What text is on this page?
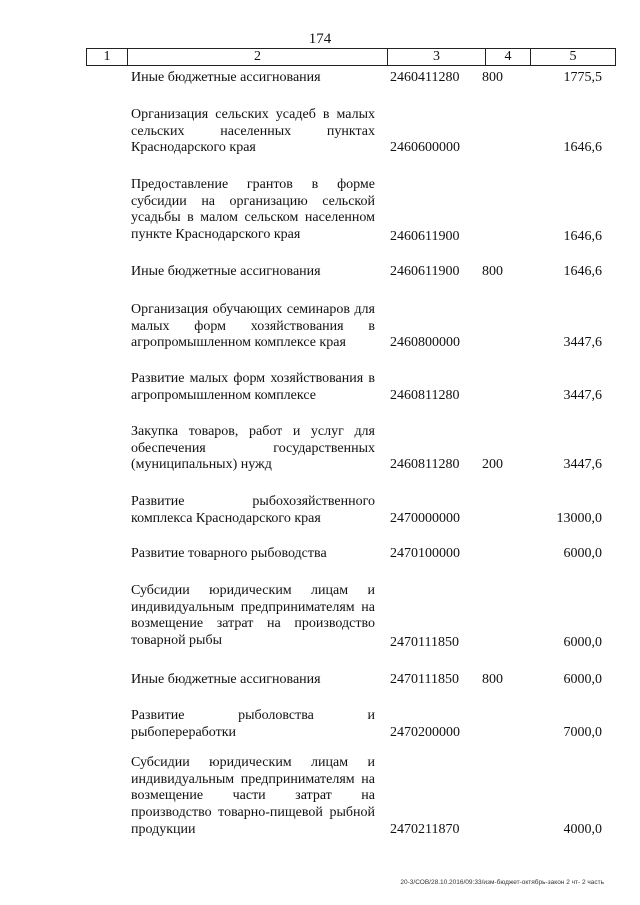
174
1	2	3	4	5
Иные бюджетные ассигнования	2460411280 800	1775,5
Организация сельских усадеб в малых сельских населенных пунктах Краснодарского края	2460600000	1646,6
Предоставление грантов в форме субсидии на организацию сельской усадьбы в малом сельском населенном пункте Краснодарского края	2460611900	1646,6
Иные бюджетные ассигнования	2460611900 800	1646,6
Организация обучающих семинаров для малых форм хозяйствования в агропромышленном комплексе края	2460800000	3447,6
Развитие малых форм хозяйствования в агропромышленном комплексе	2460811280	3447,6
Закупка товаров, работ и услуг для обеспечения государственных (муниципальных) нужд	2460811280 200	3447,6
Развитие рыбохозяйственного комплекса Краснодарского края	2470000000	13000,0
Развитие товарного рыбоводства	2470100000	6000,0
Субсидии юридическим лицам и индивидуальным предпринимателям на возмещение затрат на производство товарной рыбы	2470111850	6000,0
Иные бюджетные ассигнования	2470111850 800	6000,0
Развитие рыболовства и рыбопереработки	2470200000	7000,0
Субсидии юридическим лицам и индивидуальным предпринимателям на возмещение части затрат на производство товарно-пищевой рыбной продукции	2470211870	4000,0
20-3/СОВ/28.10.2016/09:33/изм-бюджет-октябрь-закон 2 чт- 2 часть
